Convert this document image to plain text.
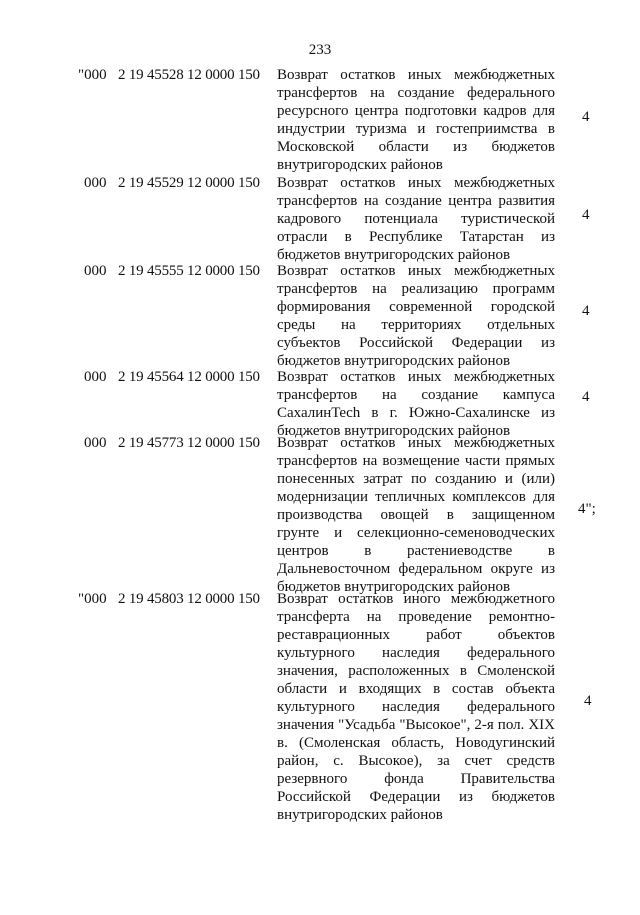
233
"000 2 19 45528 12 0000 150 Возврат остатков иных межбюджетных трансфертов на создание федерального ресурсного центра подготовки кадров для индустрии туризма и гостеприимства в Московской области из бюджетов внутригородских районов
4
000 2 19 45529 12 0000 150 Возврат остатков иных межбюджетных трансфертов на создание центра развития кадрового потенциала туристической отрасли в Республике Татарстан из бюджетов внутригородских районов
4
000 2 19 45555 12 0000 150 Возврат остатков иных межбюджетных трансфертов на реализацию программ формирования современной городской среды на территориях отдельных субъектов Российской Федерации из бюджетов внутригородских районов
4
000 2 19 45564 12 0000 150 Возврат остатков иных межбюджетных трансфертов на создание кампуса СахалинTech в г. Южно-Сахалинске из бюджетов внутригородских районов
4
000 2 19 45773 12 0000 150 Возврат остатков иных межбюджетных трансфертов на возмещение части прямых понесенных затрат по созданию и (или) модернизации тепличных комплексов для производства овощей в защищенном грунте и селекционно-семеноводческих центров в растениеводстве в Дальневосточном федеральном округе из бюджетов внутригородских районов
4";
"000 2 19 45803 12 0000 150 Возврат остатков иного межбюджетного трансферта на проведение ремонтно-реставрационных работ объектов культурного наследия федерального значения, расположенных в Смоленской области и входящих в состав объекта культурного наследия федерального значения "Усадьба "Высокое", 2-я пол. XIX в. (Смоленская область, Новодугинский район, с. Высокое), за счет средств резервного фонда Правительства Российской Федерации из бюджетов внутригородских районов
4
